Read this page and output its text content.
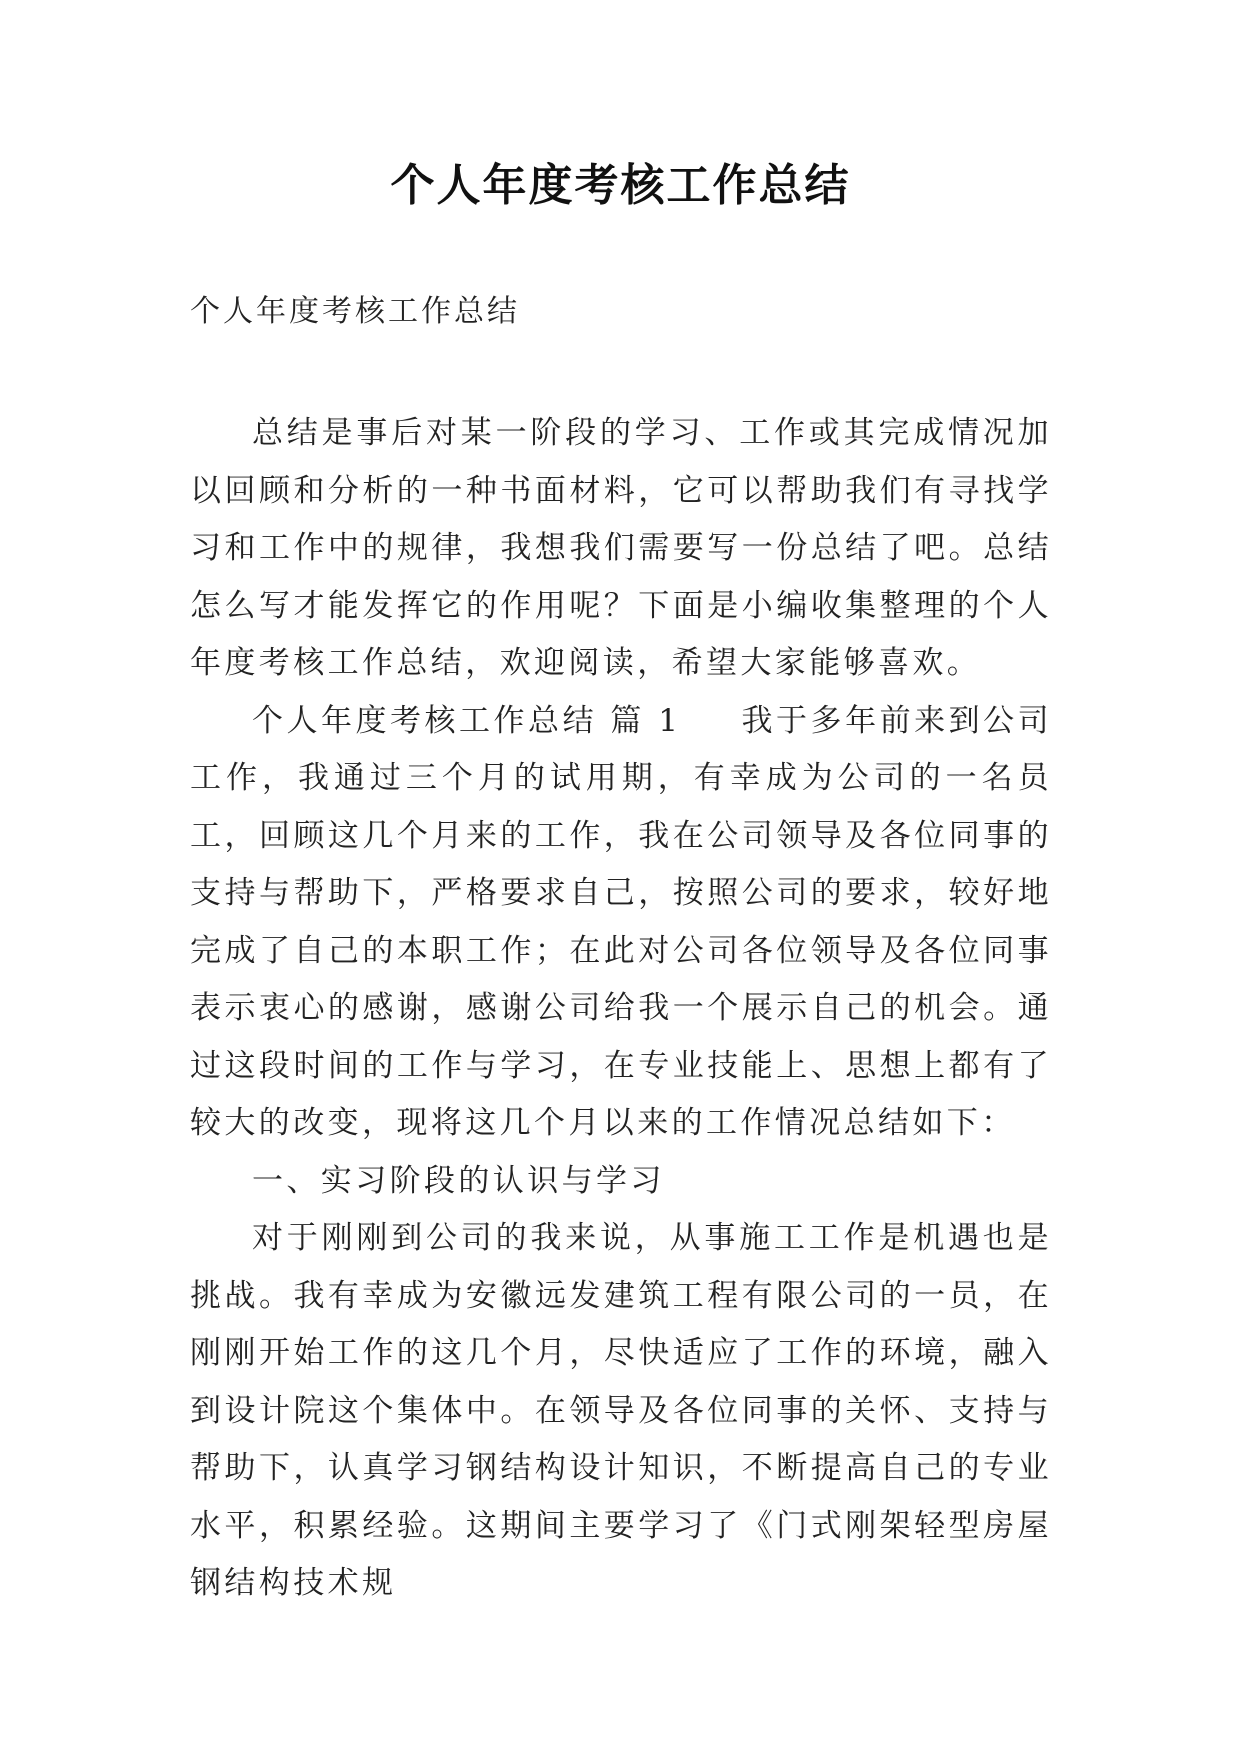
个人年度考核工作总结
个人年度考核工作总结

总结是事后对某一阶段的学习、工作或其完成情况加以回顾和分析的一种书面材料，它可以帮助我们有寻找学习和工作中的规律，我想我们需要写一份总结了吧。总结怎么写才能发挥它的作用呢？下面是小编收集整理的个人年度考核工作总结，欢迎阅读，希望大家能够喜欢。

个人年度考核工作总结 篇 1 我于多年前来到公司工作，我通过三个月的试用期，有幸成为公司的一名员工，回顾这几个月来的工作，我在公司领导及各位同事的支持与帮助下，严格要求自己，按照公司的要求，较好地完成了自己的本职工作；在此对公司各位领导及各位同事表示衷心的感谢，感谢公司给我一个展示自己的机会。通过这段时间的工作与学习，在专业技能上、思想上都有了较大的改变，现将这几个月以来的工作情况总结如下：

一、实习阶段的认识与学习

对于刚刚到公司的我来说，从事施工工作是机遇也是挑战。我有幸成为安徽远发建筑工程有限公司的一员，在刚刚开始工作的这几个月，尽快适应了工作的环境，融入到设计院这个集体中。在领导及各位同事的关怀、支持与帮助下，认真学习钢结构设计知识，不断提高自己的专业水平，积累经验。这期间主要学习了《门式刚架轻型房屋钢结构技术规
